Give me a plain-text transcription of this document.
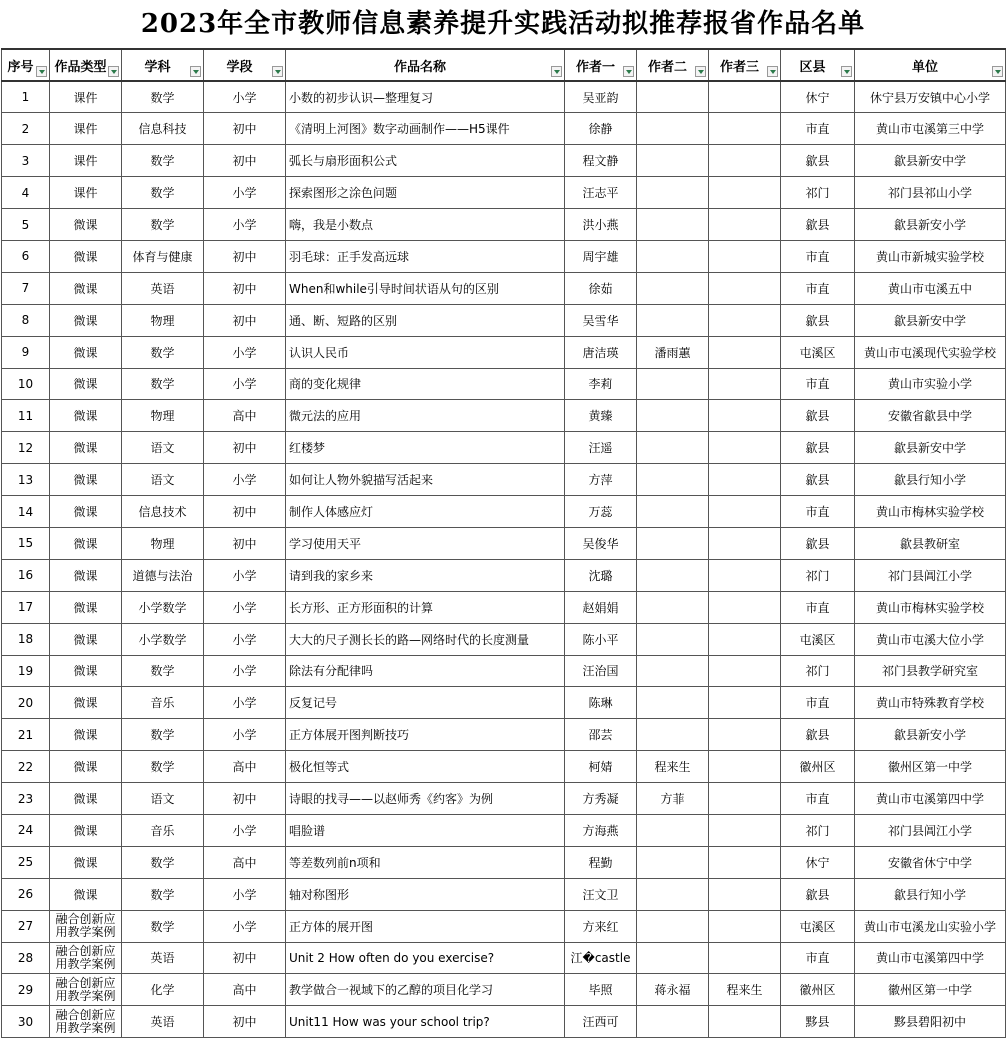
2023年全市教师信息素养提升实践活动拟推荐报省作品名单
序号	作品类型	学科	学段	作品名称	作者一	作者二	作者三	区县	单位

1	课件	数学	小学	小数的初步认识—整理复习	吴亚韵			休宁	休宁县万安镇中心小学
2	课件	信息科技	初中	《清明上河图》数字动画制作——H5课件	徐静			市直	黄山市屯溪第三中学
3	课件	数学	初中	弧长与扇形面积公式	程文静			歙县	歙县新安中学
4	课件	数学	小学	探索图形之涂色问题	汪志平			祁门	祁门县祁山小学
5	微课	数学	小学	嗨，我是小数点	洪小燕			歙县	歙县新安小学
6	微课	体育与健康	初中	羽毛球：正手发高远球	周宇雄			市直	黄山市新城实验学校
7	微课	英语	初中	When和while引导时间状语从句的区别	徐茹			市直	黄山市屯溪五中
8	微课	物理	初中	通、断、短路的区别	吴雪华			歙县	歙县新安中学
9	微课	数学	小学	认识人民币	唐洁瑛	潘雨蕙		屯溪区	黄山市屯溪现代实验学校
10	微课	数学	小学	商的变化规律	李莉			市直	黄山市实验小学
11	微课	物理	高中	微元法的应用	黄臻			歙县	安徽省歙县中学
12	微课	语文	初中	红楼梦	汪遥			歙县	歙县新安中学
13	微课	语文	小学	如何让人物外貌描写活起来	方萍			歙县	歙县行知小学
14	微课	信息技术	初中	制作人体感应灯	万蕊			市直	黄山市梅林实验学校
15	微课	物理	初中	学习使用天平	吴俊华			歙县	歙县教研室
16	微课	道德与法治	小学	请到我的家乡来	沈璐			祁门	祁门县阊江小学
17	微课	小学数学	小学	长方形、正方形面积的计算	赵娟娟			市直	黄山市梅林实验学校
18	微课	小学数学	小学	大大的尺子测长长的路—网络时代的长度测量	陈小平			屯溪区	黄山市屯溪大位小学
19	微课	数学	小学	除法有分配律吗	汪治国			祁门	祁门县教学研究室
20	微课	音乐	小学	反复记号	陈琳			市直	黄山市特殊教育学校
21	微课	数学	小学	正方体展开图判断技巧	邵芸			歙县	歙县新安小学
22	微课	数学	高中	极化恒等式	柯婧	程来生		徽州区	徽州区第一中学
23	微课	语文	初中	诗眼的找寻——以赵师秀《约客》为例	方秀凝	方菲		市直	黄山市屯溪第四中学
24	微课	音乐	小学	唱脸谱	方海燕			祁门	祁门县阊江小学
25	微课	数学	高中	等差数列前n项和	程勤			休宁	安徽省休宁中学
26	微课	数学	小学	轴对称图形	汪文卫			歙县	歙县行知小学
27	融合创新应用教学案例	数学	小学	正方体的展开图	方来红			屯溪区	黄山市屯溪龙山实验小学
28	融合创新应用教学案例	英语	初中	Unit 2 How often do you exercise?	江�castle			市直	黄山市屯溪第四中学
29	融合创新应用教学案例	化学	高中	教学做合一视域下的乙醇的项目化学习	毕照	蒋永福	程来生	徽州区	徽州区第一中学
30	融合创新应用教学案例	英语	初中	Unit11 How was your school trip?	汪西可			黟县	黟县碧阳初中
